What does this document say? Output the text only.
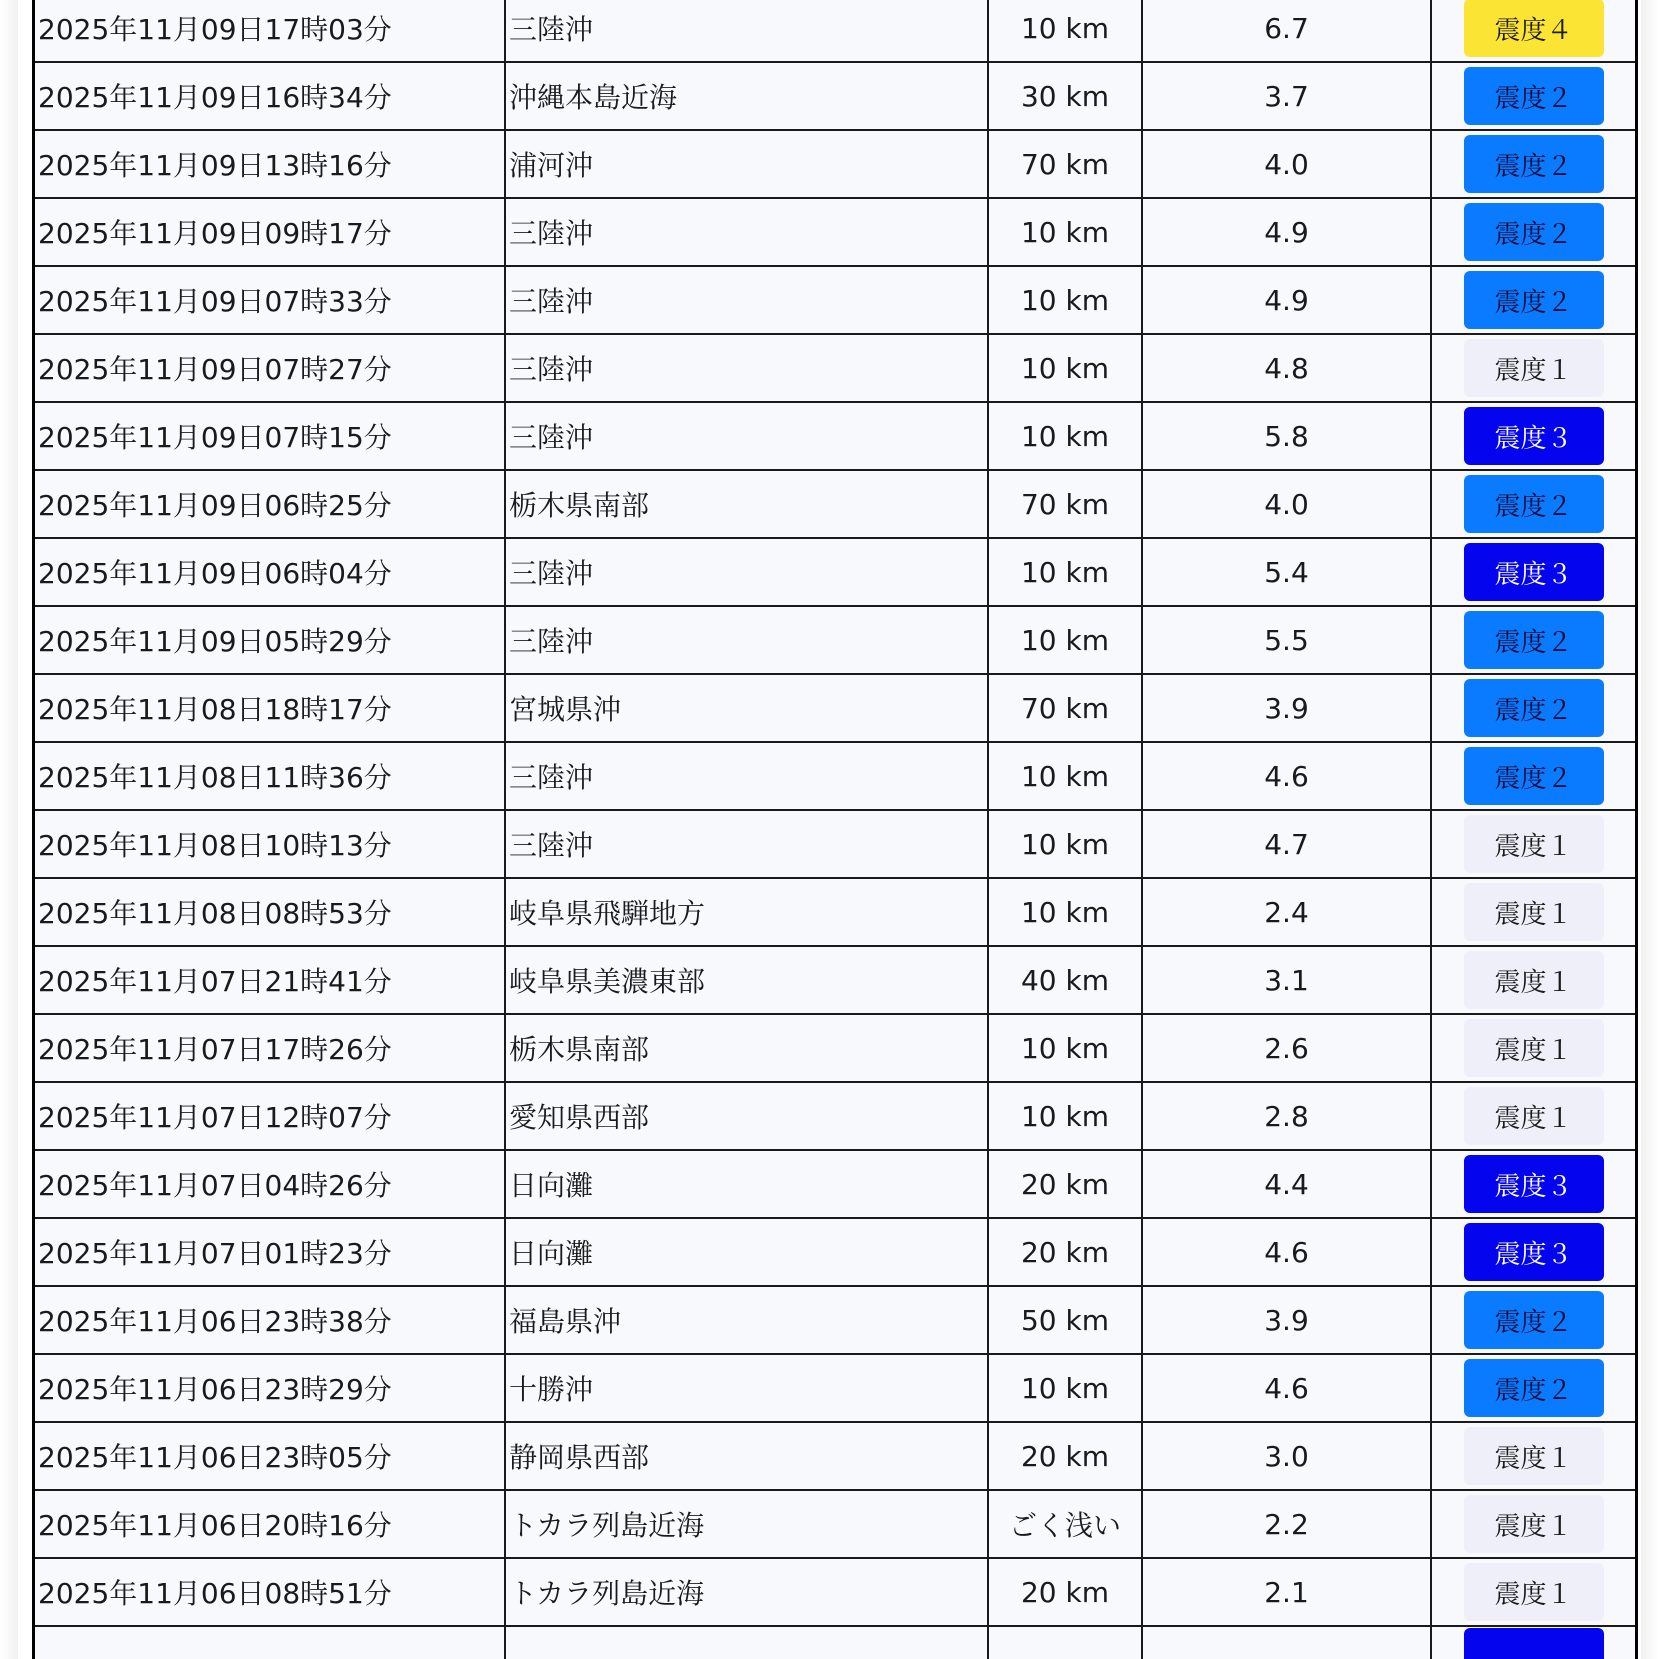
2025年11月09日17時03分	三陸沖	10 km	6.7	震度４
2025年11月09日16時34分	沖縄本島近海	30 km	3.7	震度２
2025年11月09日13時16分	浦河沖	70 km	4.0	震度２
2025年11月09日09時17分	三陸沖	10 km	4.9	震度２
2025年11月09日07時33分	三陸沖	10 km	4.9	震度２
2025年11月09日07時27分	三陸沖	10 km	4.8	震度１
2025年11月09日07時15分	三陸沖	10 km	5.8	震度３
2025年11月09日06時25分	栃木県南部	70 km	4.0	震度２
2025年11月09日06時04分	三陸沖	10 km	5.4	震度３
2025年11月09日05時29分	三陸沖	10 km	5.5	震度２
2025年11月08日18時17分	宮城県沖	70 km	3.9	震度２
2025年11月08日11時36分	三陸沖	10 km	4.6	震度２
2025年11月08日10時13分	三陸沖	10 km	4.7	震度１
2025年11月08日08時53分	岐阜県飛騨地方	10 km	2.4	震度１
2025年11月07日21時41分	岐阜県美濃東部	40 km	3.1	震度１
2025年11月07日17時26分	栃木県南部	10 km	2.6	震度１
2025年11月07日12時07分	愛知県西部	10 km	2.8	震度１
2025年11月07日04時26分	日向灘	20 km	4.4	震度３
2025年11月07日01時23分	日向灘	20 km	4.6	震度３
2025年11月06日23時38分	福島県沖	50 km	3.9	震度２
2025年11月06日23時29分	十勝沖	10 km	4.6	震度２
2025年11月06日23時05分	静岡県西部	20 km	3.0	震度１
2025年11月06日20時16分	トカラ列島近海	ごく浅い	2.2	震度１
2025年11月06日08時51分	トカラ列島近海	20 km	2.1	震度１
